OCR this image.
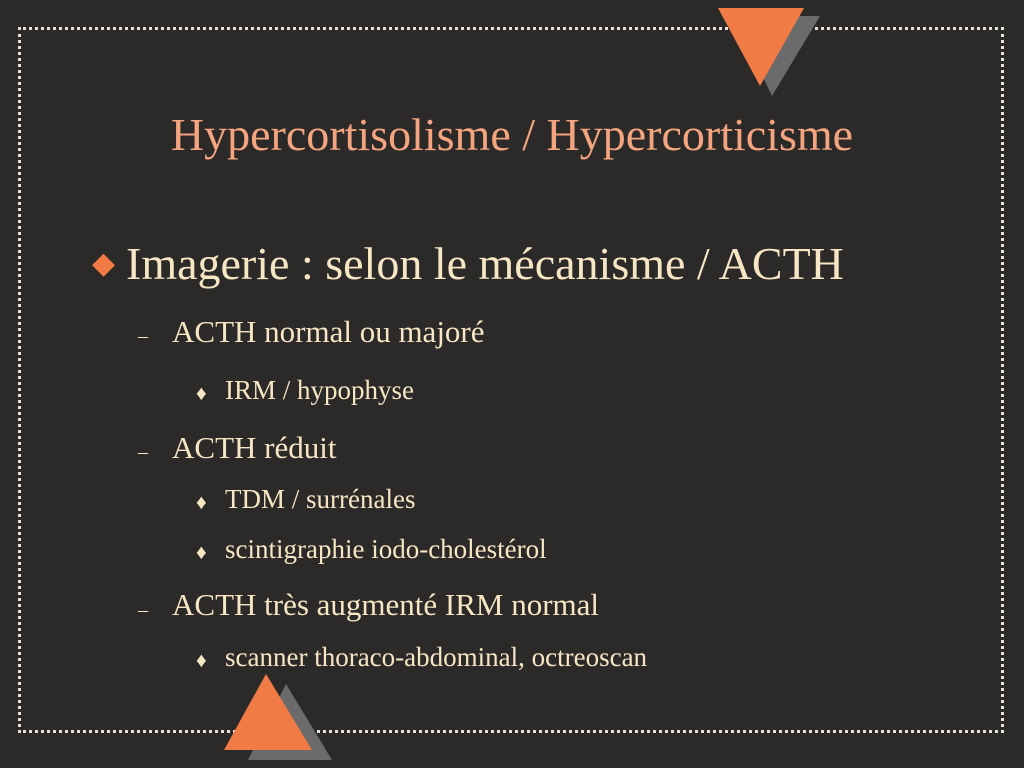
Hypercortisolisme / Hypercorticisme
◆ Imagerie : selon le mécanisme / ACTH
– ACTH normal ou majoré
♦ IRM / hypophyse
– ACTH réduit
♦ TDM / surrénales
♦ scintigraphie iodo-cholestérol
– ACTH très augmenté IRM normal
♦ scanner thoraco-abdominal, octreoscan
